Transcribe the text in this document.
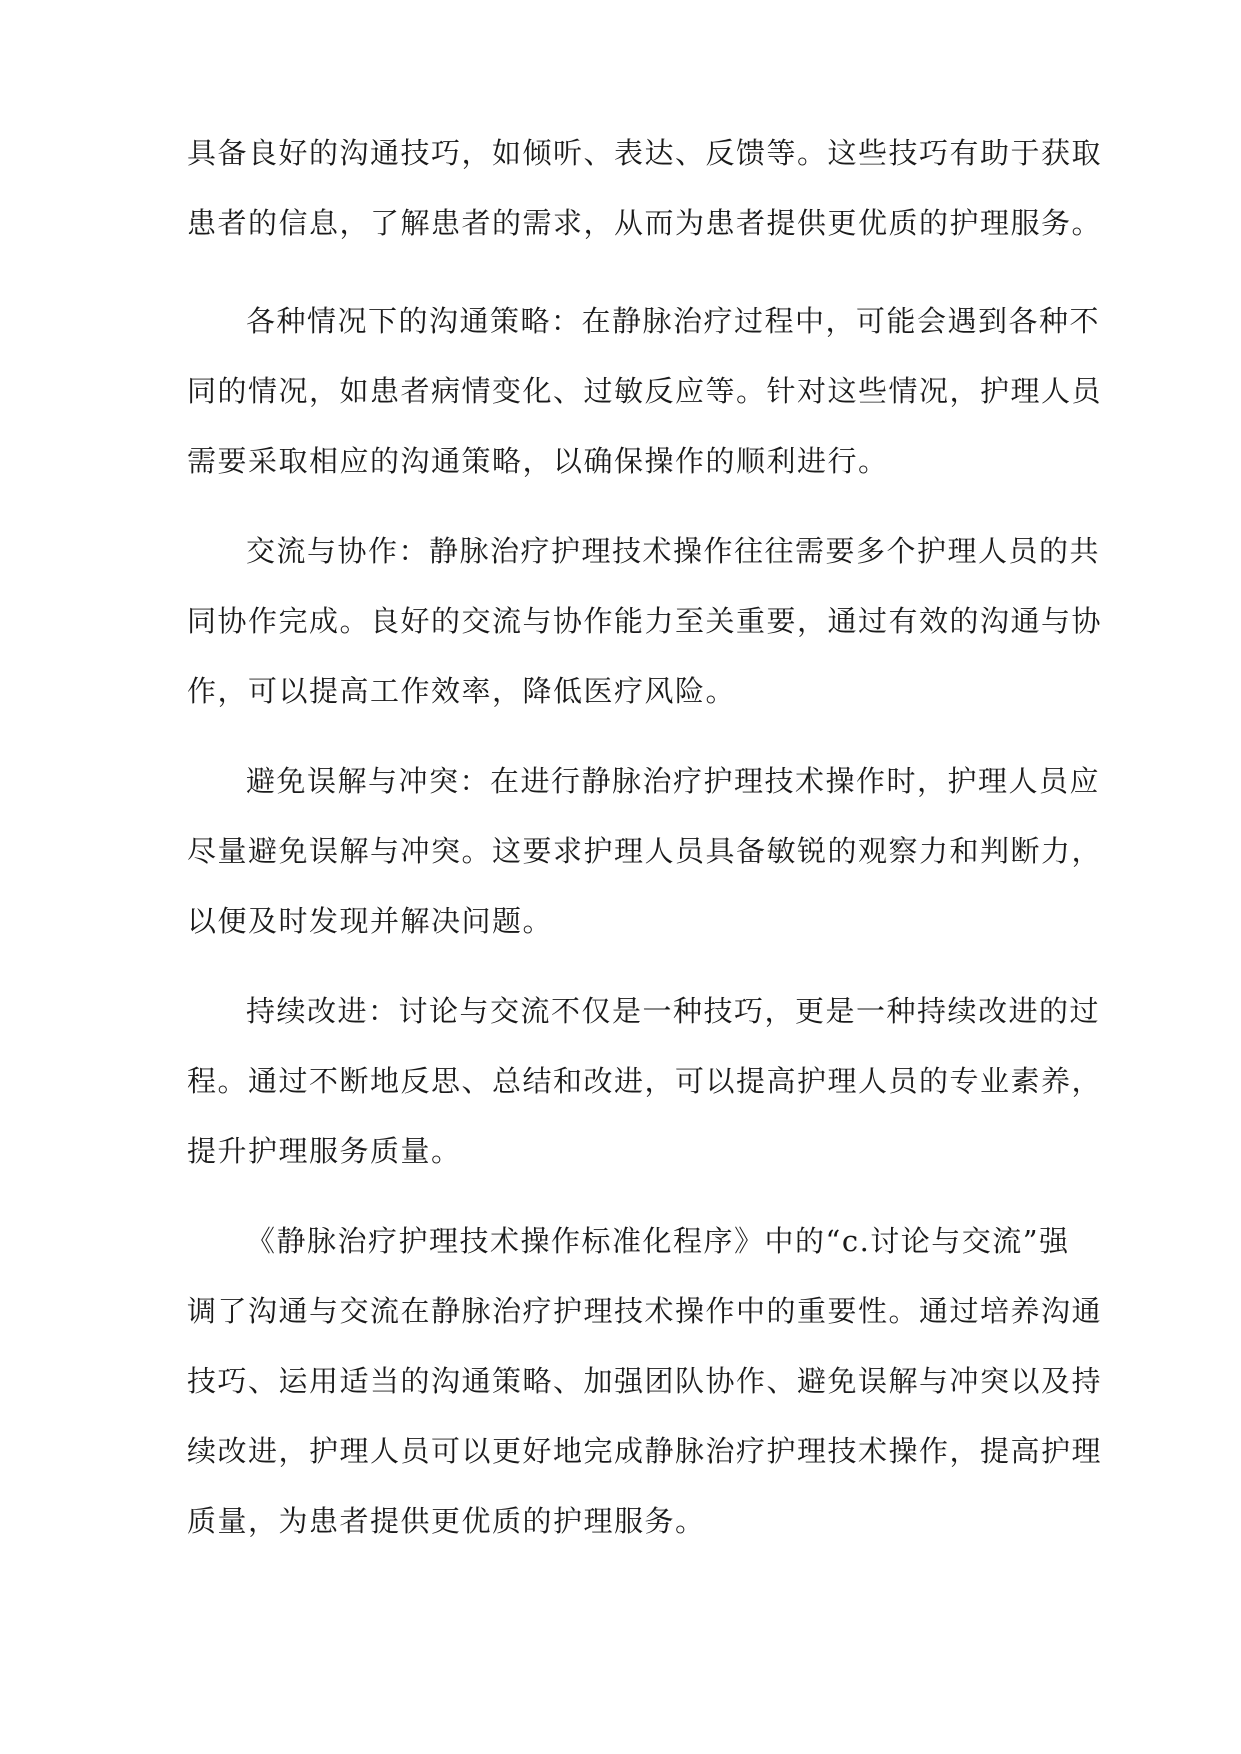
具备良好的沟通技巧，如倾听、表达、反馈等。这些技巧有助于获取
患者的信息，了解患者的需求，从而为患者提供更优质的护理服务。
各种情况下的沟通策略：在静脉治疗过程中，可能会遇到各种不
同的情况，如患者病情变化、过敏反应等。针对这些情况，护理人员
需要采取相应的沟通策略，以确保操作的顺利进行。
交流与协作：静脉治疗护理技术操作往往需要多个护理人员的共
同协作完成。良好的交流与协作能力至关重要，通过有效的沟通与协
作，可以提高工作效率，降低医疗风险。
避免误解与冲突：在进行静脉治疗护理技术操作时，护理人员应
尽量避免误解与冲突。这要求护理人员具备敏锐的观察力和判断力，
以便及时发现并解决问题。
持续改进：讨论与交流不仅是一种技巧，更是一种持续改进的过
程。通过不断地反思、总结和改进，可以提高护理人员的专业素养，
提升护理服务质量。
《静脉治疗护理技术操作标准化程序》中的“c.讨论与交流”强
调了沟通与交流在静脉治疗护理技术操作中的重要性。通过培养沟通
技巧、运用适当的沟通策略、加强团队协作、避免误解与冲突以及持
续改进，护理人员可以更好地完成静脉治疗护理技术操作，提高护理
质量，为患者提供更优质的护理服务。
